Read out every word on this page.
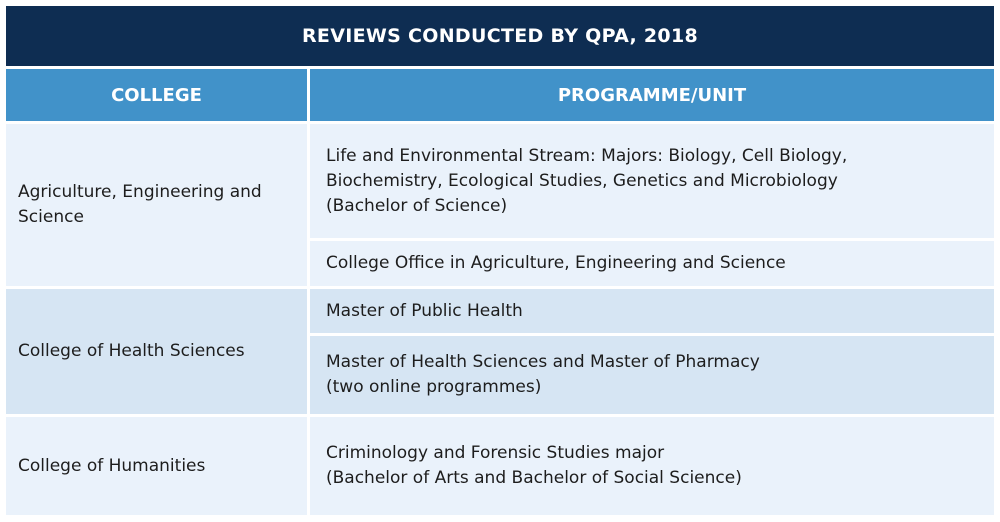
REVIEWS CONDUCTED BY QPA, 2018
COLLEGE	PROGRAMME/UNIT
Agriculture, Engineering and
Science
Life and Environmental Stream: Majors: Biology, Cell Biology,
Biochemistry, Ecological Studies, Genetics and Microbiology
(Bachelor of Science)
College Office in Agriculture, Engineering and Science
College of Health Sciences
Master of Public Health
Master of Health Sciences and Master of Pharmacy
(two online programmes)
College of Humanities
Criminology and Forensic Studies major
(Bachelor of Arts and Bachelor of Social Science)
